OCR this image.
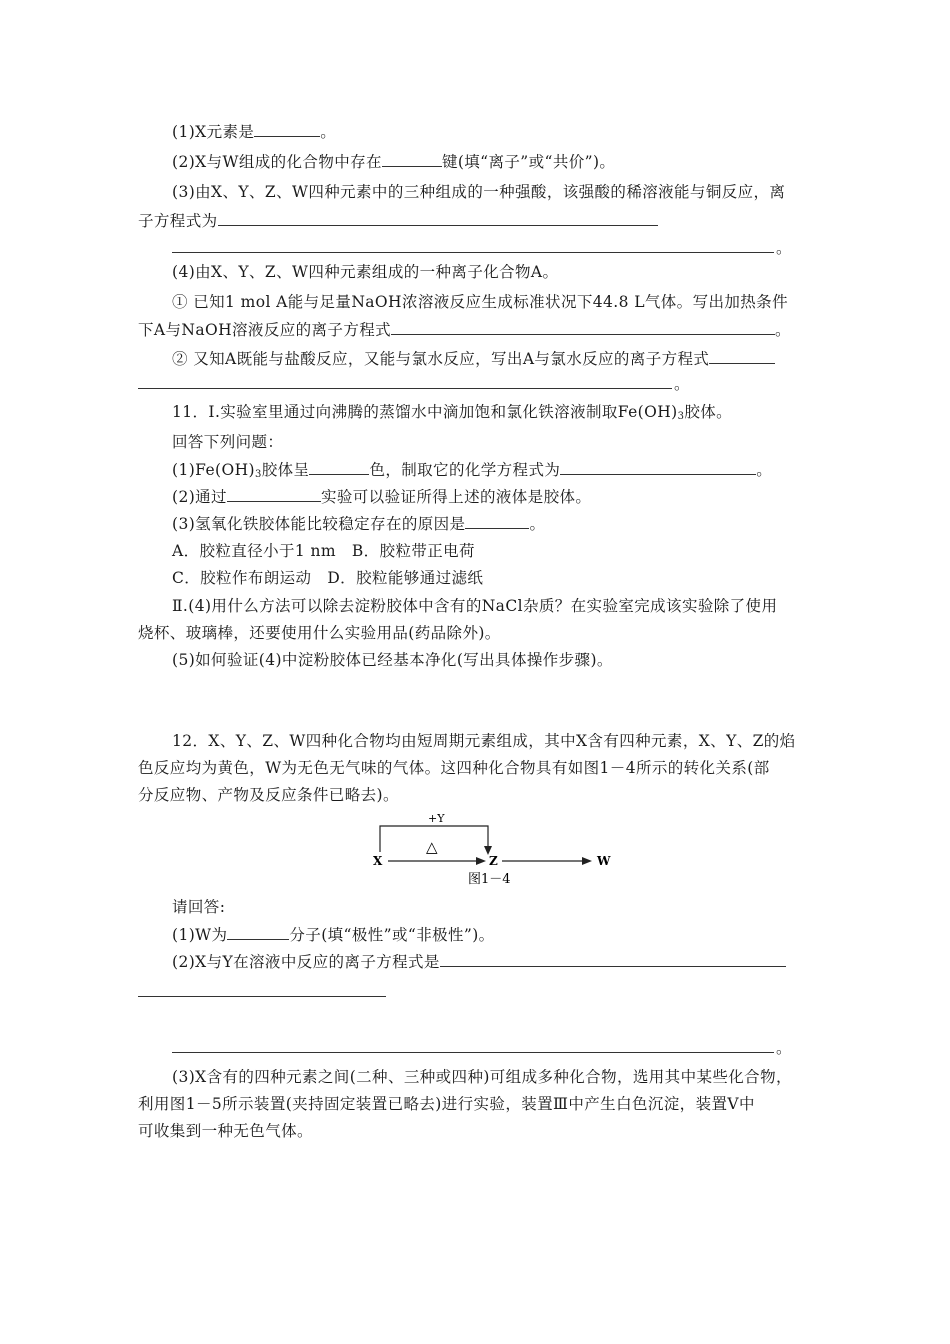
(1)X元素是	。
(2)X与W组成的化合物中存在	键(填“离子”或“共价”)。
(3)由X、Y、Z、W四种元素中的三种组成的一种强酸，该强酸的稀溶液能与铜反应，离
子方程式为
。
(4)由X、Y、Z、W四种元素组成的一种离子化合物A。
① 已知1 mol A能与足量NaOH浓溶液反应生成标准状况下44.8 L气体。写出加热条件
下A与NaOH溶液反应的离子方程式	。
② 又知A既能与盐酸反应，又能与氯水反应，写出A与氯水反应的离子方程式
。
11．Ⅰ.实验室里通过向沸腾的蒸馏水中滴加饱和氯化铁溶液制取$Fe(OH)_3$胶体。
回答下列问题：
$(1)Fe(OH)_3$胶体呈	色，制取它的化学方程式为	。
(2)通过	实验可以验证所得上述的液体是胶体。
(3)氢氧化铁胶体能比较稳定存在的原因是	。
A．胶粒直径小于1 nm　B．胶粒带正电荷
C．胶粒作布朗运动　D．胶粒能够通过滤纸
Ⅱ.(4)用什么方法可以除去淀粉胶体中含有的NaCl杂质？在实验室完成该实验除了使用
烧杯、玻璃棒，还要使用什么实验用品(药品除外)。
(5)如何验证(4)中淀粉胶体已经基本净化(写出具体操作步骤)。
12．X、Y、Z、W四种化合物均由短周期元素组成，其中X含有四种元素，X、Y、Z的焰
色反应均为黄色，W为无色无气味的气体。这四种化合物具有如图1－4所示的转化关系(部
分反应物、产物及反应条件已略去)。
+Y
△
X	Z	W
图1－4
请回答:
(1)W为	分子(填“极性”或“非极性”)。
(2)X与Y在溶液中反应的离子方程式是
。
(3)X含有的四种元素之间(二种、三种或四种)可组成多种化合物，选用其中某些化合物，
利用图1－5所示装置(夹持固定装置已略去)进行实验，装置Ⅲ中产生白色沉淀，装置Ⅴ中
可收集到一种无色气体。
